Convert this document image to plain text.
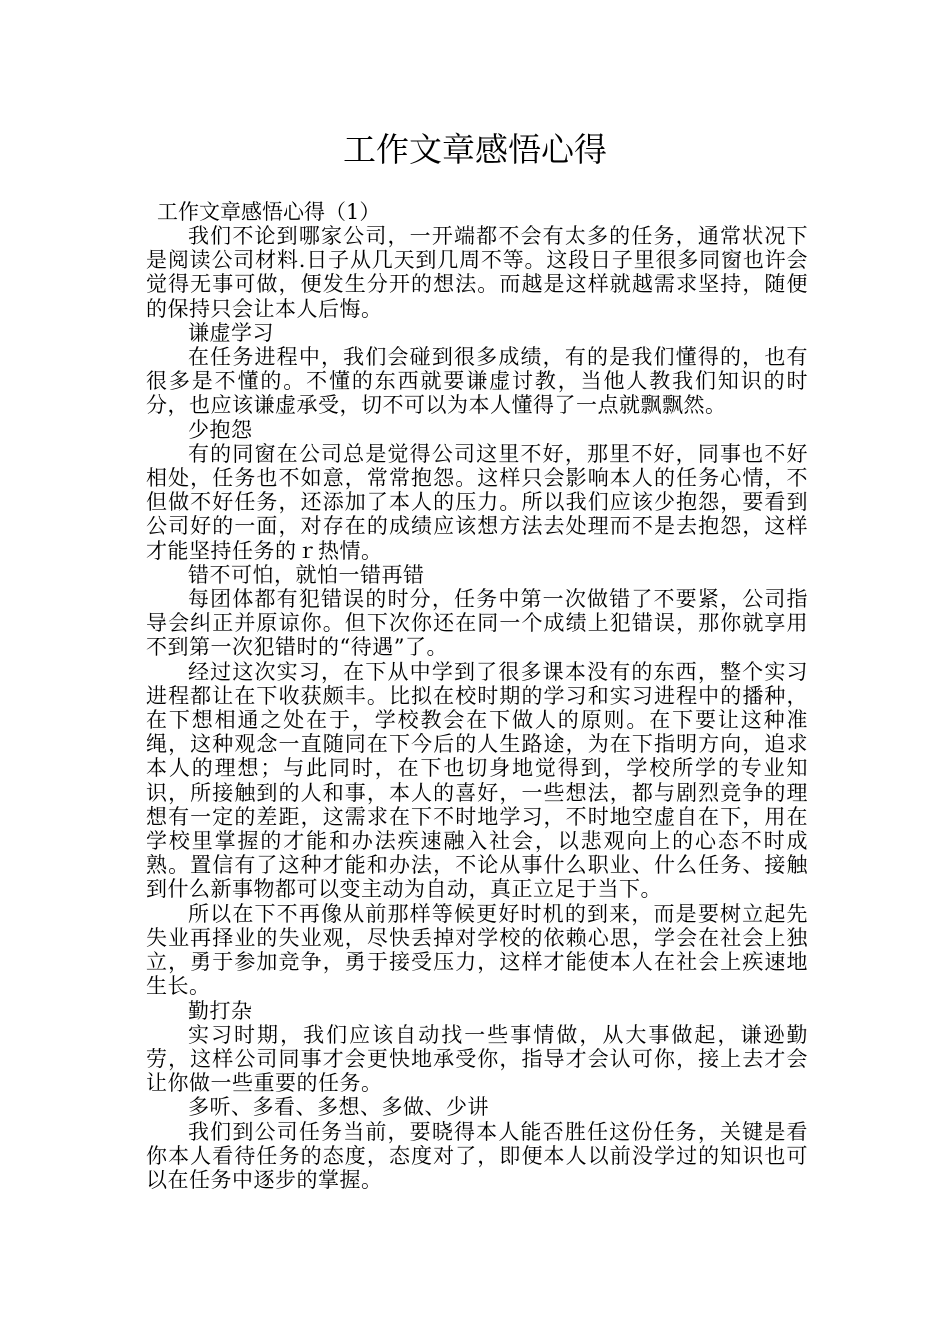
工作文章感悟心得

工作文章感悟心得（1）

我们不论到哪家公司，一开端都不会有太多的任务，通常状况下是阅读公司材料.日子从几天到几周不等。这段日子里很多同窗也许会觉得无事可做，便发生分开的想法。而越是这样就越需求坚持，随便的保持只会让本人后悔。

谦虚学习

在任务进程中，我们会碰到很多成绩，有的是我们懂得的，也有很多是不懂的。不懂的东西就要谦虚讨教，当他人教我们知识的时分，也应该谦虚承受，切不可以为本人懂得了一点就飘飘然。

少抱怨

有的同窗在公司总是觉得公司这里不好，那里不好，同事也不好相处，任务也不如意，常常抱怨。这样只会影响本人的任务心情，不但做不好任务，还添加了本人的压力。所以我们应该少抱怨，要看到公司好的一面，对存在的成绩应该想方法去处理而不是去抱怨，这样才能坚持任务的ｒ热情。

错不可怕，就怕一错再错

每团体都有犯错误的时分，任务中第一次做错了不要紧，公司指导会纠正并原谅你。但下次你还在同一个成绩上犯错误，那你就享用不到第一次犯错时的“待遇”了。

经过这次实习，在下从中学到了很多课本没有的东西，整个实习进程都让在下收获颇丰。比拟在校时期的学习和实习进程中的播种，在下想相通之处在于，学校教会在下做人的原则。在下要让这种准绳，这种观念一直随同在下今后的人生路途，为在下指明方向，追求本人的理想；与此同时，在下也切身地觉得到，学校所学的专业知识，所接触到的人和事，本人的喜好，一些想法，都与剧烈竞争的理想有一定的差距，这需求在下不时地学习，不时地空虚自在下，用在学校里掌握的才能和办法疾速融入社会，以悲观向上的心态不时成熟。置信有了这种才能和办法，不论从事什么职业、什么任务、接触到什么新事物都可以变主动为自动，真正立足于当下。

所以在下不再像从前那样等候更好时机的到来，而是要树立起先失业再择业的失业观，尽快丢掉对学校的依赖心思，学会在社会上独立，勇于参加竞争，勇于接受压力，这样才能使本人在社会上疾速地生长。

勤打杂

实习时期，我们应该自动找一些事情做，从大事做起，谦逊勤劳，这样公司同事才会更快地承受你，指导才会认可你，接上去才会让你做一些重要的任务。

多听、多看、多想、多做、少讲

我们到公司任务当前，要晓得本人能否胜任这份任务，关键是看你本人看待任务的态度，态度对了，即便本人以前没学过的知识也可以在任务中逐步的掌握。
